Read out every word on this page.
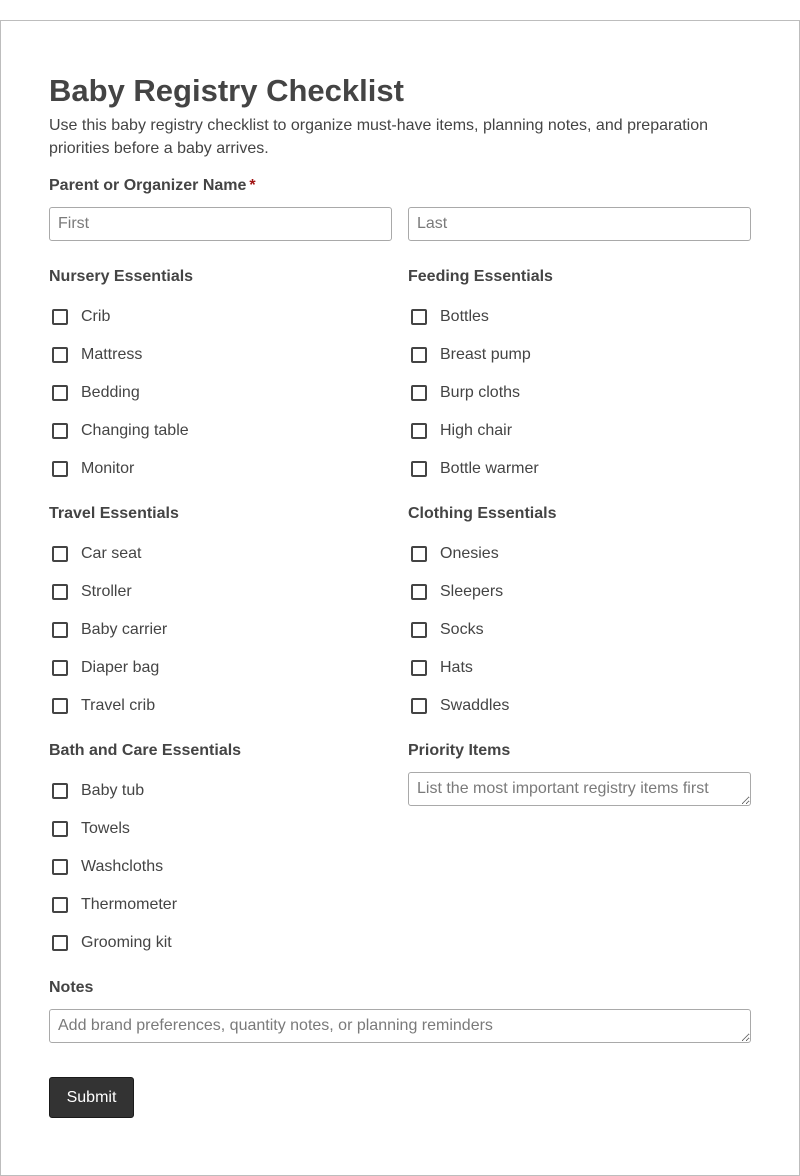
Baby Registry Checklist

Use this baby registry checklist to organize must-have items, planning notes, and preparation priorities before a baby arrives.

Parent or Organizer Name *
First
Last
Nursery Essentials
Crib
Mattress
Bedding
Changing table
Monitor
Feeding Essentials
Bottles
Breast pump
Burp cloths
High chair
Bottle warmer
Travel Essentials
Car seat
Stroller
Baby carrier
Diaper bag
Travel crib
Clothing Essentials
Onesies
Sleepers
Socks
Hats
Swaddles
Bath and Care Essentials
Baby tub
Towels
Washcloths
Thermometer
Grooming kit
Priority Items
List the most important registry items first
Notes
Add brand preferences, quantity notes, or planning reminders
Submit
